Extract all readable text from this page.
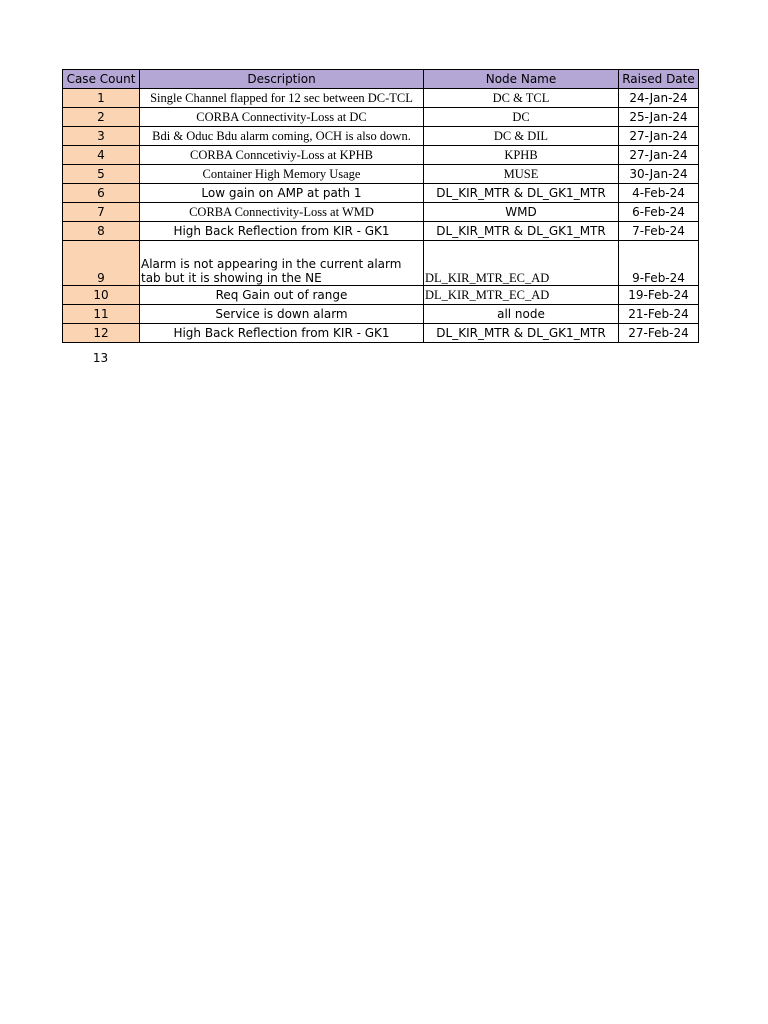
Case Count	Description	Node Name	Raised Date
1	Single Channel flapped for 12 sec between DC-TCL	DC & TCL	24-Jan-24
2	CORBA Connectivity-Loss at DC	DC	25-Jan-24
3	Bdi & Oduc Bdu alarm coming, OCH is also down.	DC & DIL	27-Jan-24
4	CORBA Conncetiviy-Loss at KPHB	KPHB	27-Jan-24
5	Container High Memory Usage	MUSE	30-Jan-24
6	Low gain on AMP at path 1	DL_KIR_MTR & DL_GK1_MTR	4-Feb-24
7	CORBA Connectivity-Loss at WMD	WMD	6-Feb-24
8	High Back Reflection from KIR - GK1	DL_KIR_MTR & DL_GK1_MTR	7-Feb-24
9	Alarm is not appearing in the current alarm
tab but it is showing in the NE	DL_KIR_MTR_EC_AD	9-Feb-24
10	Req Gain out of range	DL_KIR_MTR_EC_AD	19-Feb-24
11	Service is down alarm	all node	21-Feb-24
12	High Back Reflection from KIR - GK1	DL_KIR_MTR & DL_GK1_MTR	27-Feb-24
13
